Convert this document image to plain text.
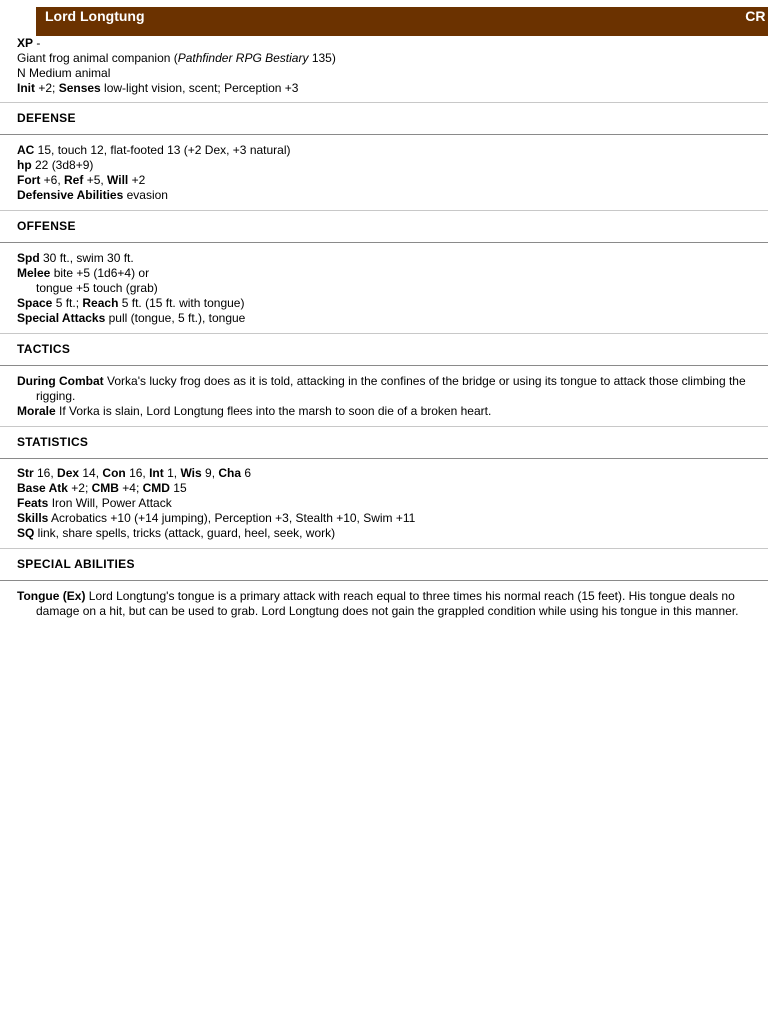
Lord Longtung	CR -
XP -
Giant frog animal companion (Pathfinder RPG Bestiary 135)
N Medium animal
Init +2; Senses low-light vision, scent; Perception +3
DEFENSE
AC 15, touch 12, flat-footed 13 (+2 Dex, +3 natural)
hp 22 (3d8+9)
Fort +6, Ref +5, Will +2
Defensive Abilities evasion
OFFENSE
Spd 30 ft., swim 30 ft.
Melee bite +5 (1d6+4) or
tongue +5 touch (grab)
Space 5 ft.; Reach 5 ft. (15 ft. with tongue)
Special Attacks pull (tongue, 5 ft.), tongue
TACTICS
During Combat Vorka's lucky frog does as it is told, attacking in the confines of the bridge or using its tongue to attack those climbing the rigging.
Morale If Vorka is slain, Lord Longtung flees into the marsh to soon die of a broken heart.
STATISTICS
Str 16, Dex 14, Con 16, Int 1, Wis 9, Cha 6
Base Atk +2; CMB +4; CMD 15
Feats Iron Will, Power Attack
Skills Acrobatics +10 (+14 jumping), Perception +3, Stealth +10, Swim +11
SQ link, share spells, tricks (attack, guard, heel, seek, work)
SPECIAL ABILITIES
Tongue (Ex) Lord Longtung's tongue is a primary attack with reach equal to three times his normal reach (15 feet). His tongue deals no damage on a hit, but can be used to grab. Lord Longtung does not gain the grappled condition while using his tongue in this manner.
